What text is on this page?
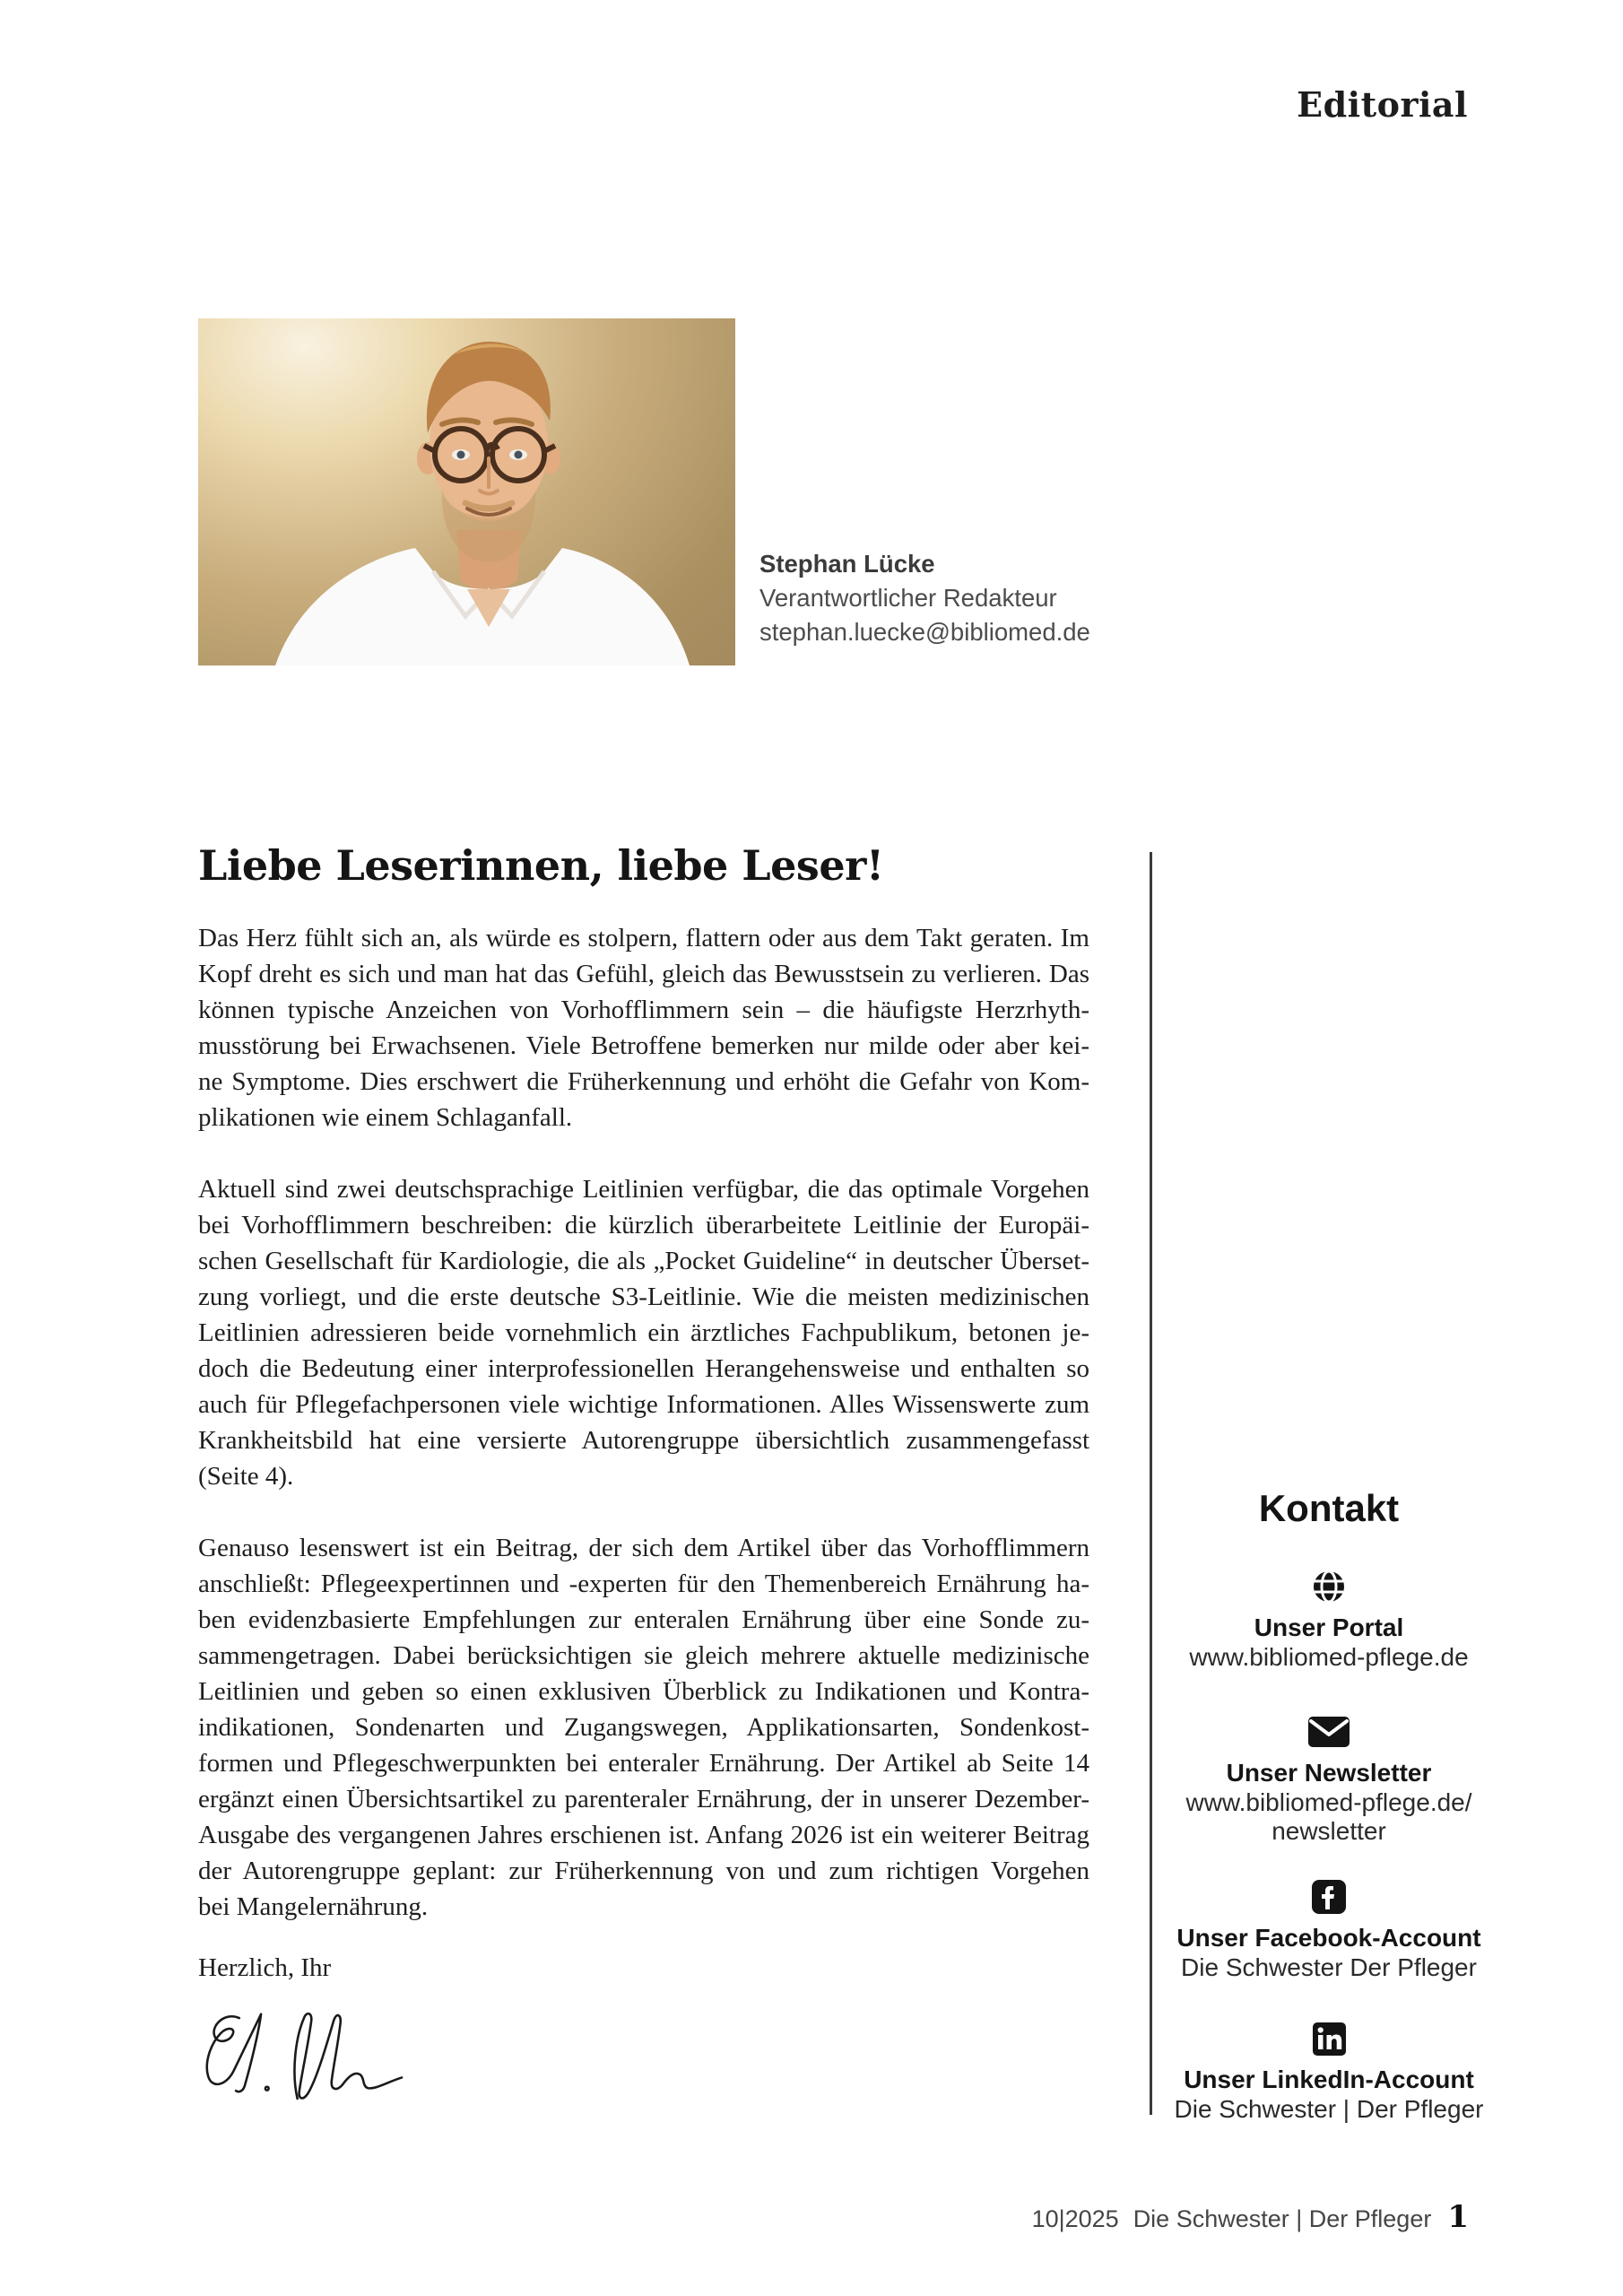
Editorial
Stephan Lücke
Verantwortlicher Redakteur
stephan.luecke@bibliomed.de
Liebe Leserinnen, liebe Leser!
Das Herz fühlt sich an, als würde es stolpern, flattern oder aus dem Takt geraten. Im
Kopf dreht es sich und man hat das Gefühl, gleich das Bewusstsein zu verlieren. Das
können typische Anzeichen von Vorhofflimmern sein – die häufigste Herzrhyth-
musstörung bei Erwachsenen. Viele Betroffene bemerken nur milde oder aber kei-
ne Symptome. Dies erschwert die Früherkennung und erhöht die Gefahr von Kom-
plikationen wie einem Schlaganfall.
Aktuell sind zwei deutschsprachige Leitlinien verfügbar, die das optimale Vorgehen
bei Vorhofflimmern beschreiben: die kürzlich überarbeitete Leitlinie der Europäi-
schen Gesellschaft für Kardiologie, die als „Pocket Guideline“ in deutscher Überset-
zung vorliegt, und die erste deutsche S3-Leitlinie. Wie die meisten medizinischen
Leitlinien adressieren beide vornehmlich ein ärztliches Fachpublikum, betonen je-
doch die Bedeutung einer interprofessionellen Herangehensweise und enthalten so
auch für Pflegefachpersonen viele wichtige Informationen. Alles Wissenswerte zum
Krankheitsbild hat eine versierte Autorengruppe übersichtlich zusammengefasst
(Seite 4).
Genauso lesenswert ist ein Beitrag, der sich dem Artikel über das Vorhofflimmern
anschließt: Pflegeexpertinnen und -experten für den Themenbereich Ernährung ha-
ben evidenzbasierte Empfehlungen zur enteralen Ernährung über eine Sonde zu-
sammengetragen. Dabei berücksichtigen sie gleich mehrere aktuelle medizinische
Leitlinien und geben so einen exklusiven Überblick zu Indikationen und Kontra-
indikationen, Sondenarten und Zugangswegen, Applikationsarten, Sondenkost-
formen und Pflegeschwerpunkten bei enteraler Ernährung. Der Artikel ab Seite 14
ergänzt einen Übersichtsartikel zu parenteraler Ernährung, der in unserer Dezember-
Ausgabe des vergangenen Jahres erschienen ist. Anfang 2026 ist ein weiterer Beitrag
der Autorengruppe geplant: zur Früherkennung von und zum richtigen Vorgehen
bei Mangelernährung.
Herzlich, Ihr
Kontakt
Unser Portal
www.bibliomed-pflege.de
Unser Newsletter
www.bibliomed-pflege.de/
newsletter
Unser Facebook-Account
Die Schwester Der Pfleger
Unser LinkedIn-Account
Die Schwester | Der Pfleger
10|2025 Die Schwester | Der Pfleger 1
